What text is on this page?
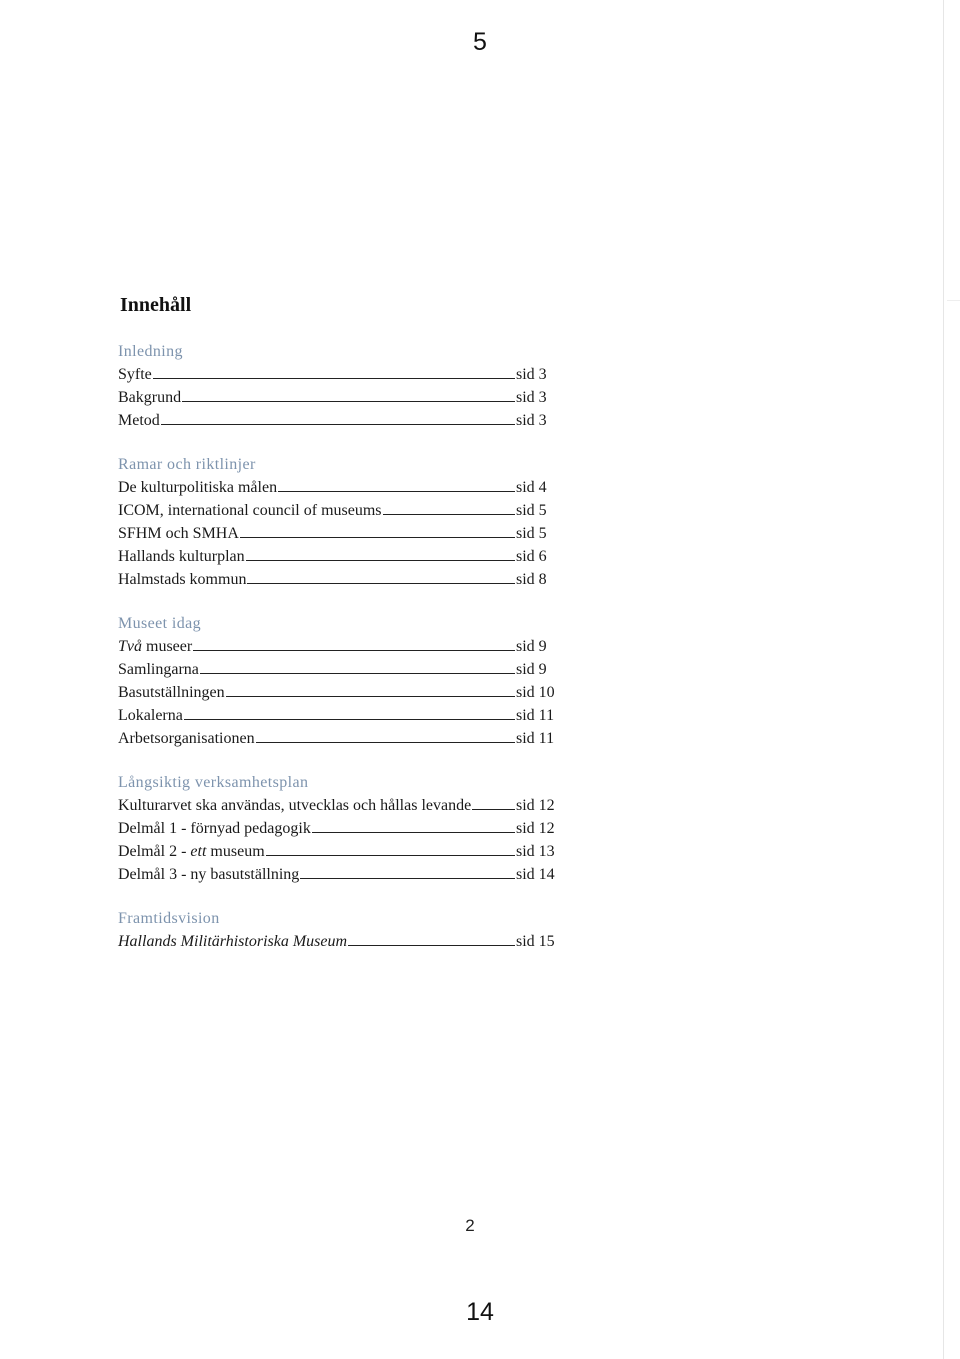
5
Innehåll
Inledning
Syfte	sid 3
Bakgrund	sid 3
Metod	sid 3
Ramar och riktlinjer
De kulturpolitiska målen	sid 4
ICOM, international council of museums	sid 5
SFHM och SMHA	sid 5
Hallands kulturplan	sid 6
Halmstads kommun	sid 8
Museet idag
Två museer	sid 9
Samlingarna	sid 9
Basutställningen	sid 10
Lokalerna	sid 11
Arbetsorganisationen	sid 11
Långsiktig verksamhetsplan
Kulturarvet ska användas, utvecklas och hållas levande	sid 12
Delmål 1 - förnyad pedagogik	sid 12
Delmål 2 - ett museum	sid 13
Delmål 3 - ny basutställning	sid 14
Framtidsvision
Hallands Militärhistoriska Museum	sid 15
2
14
